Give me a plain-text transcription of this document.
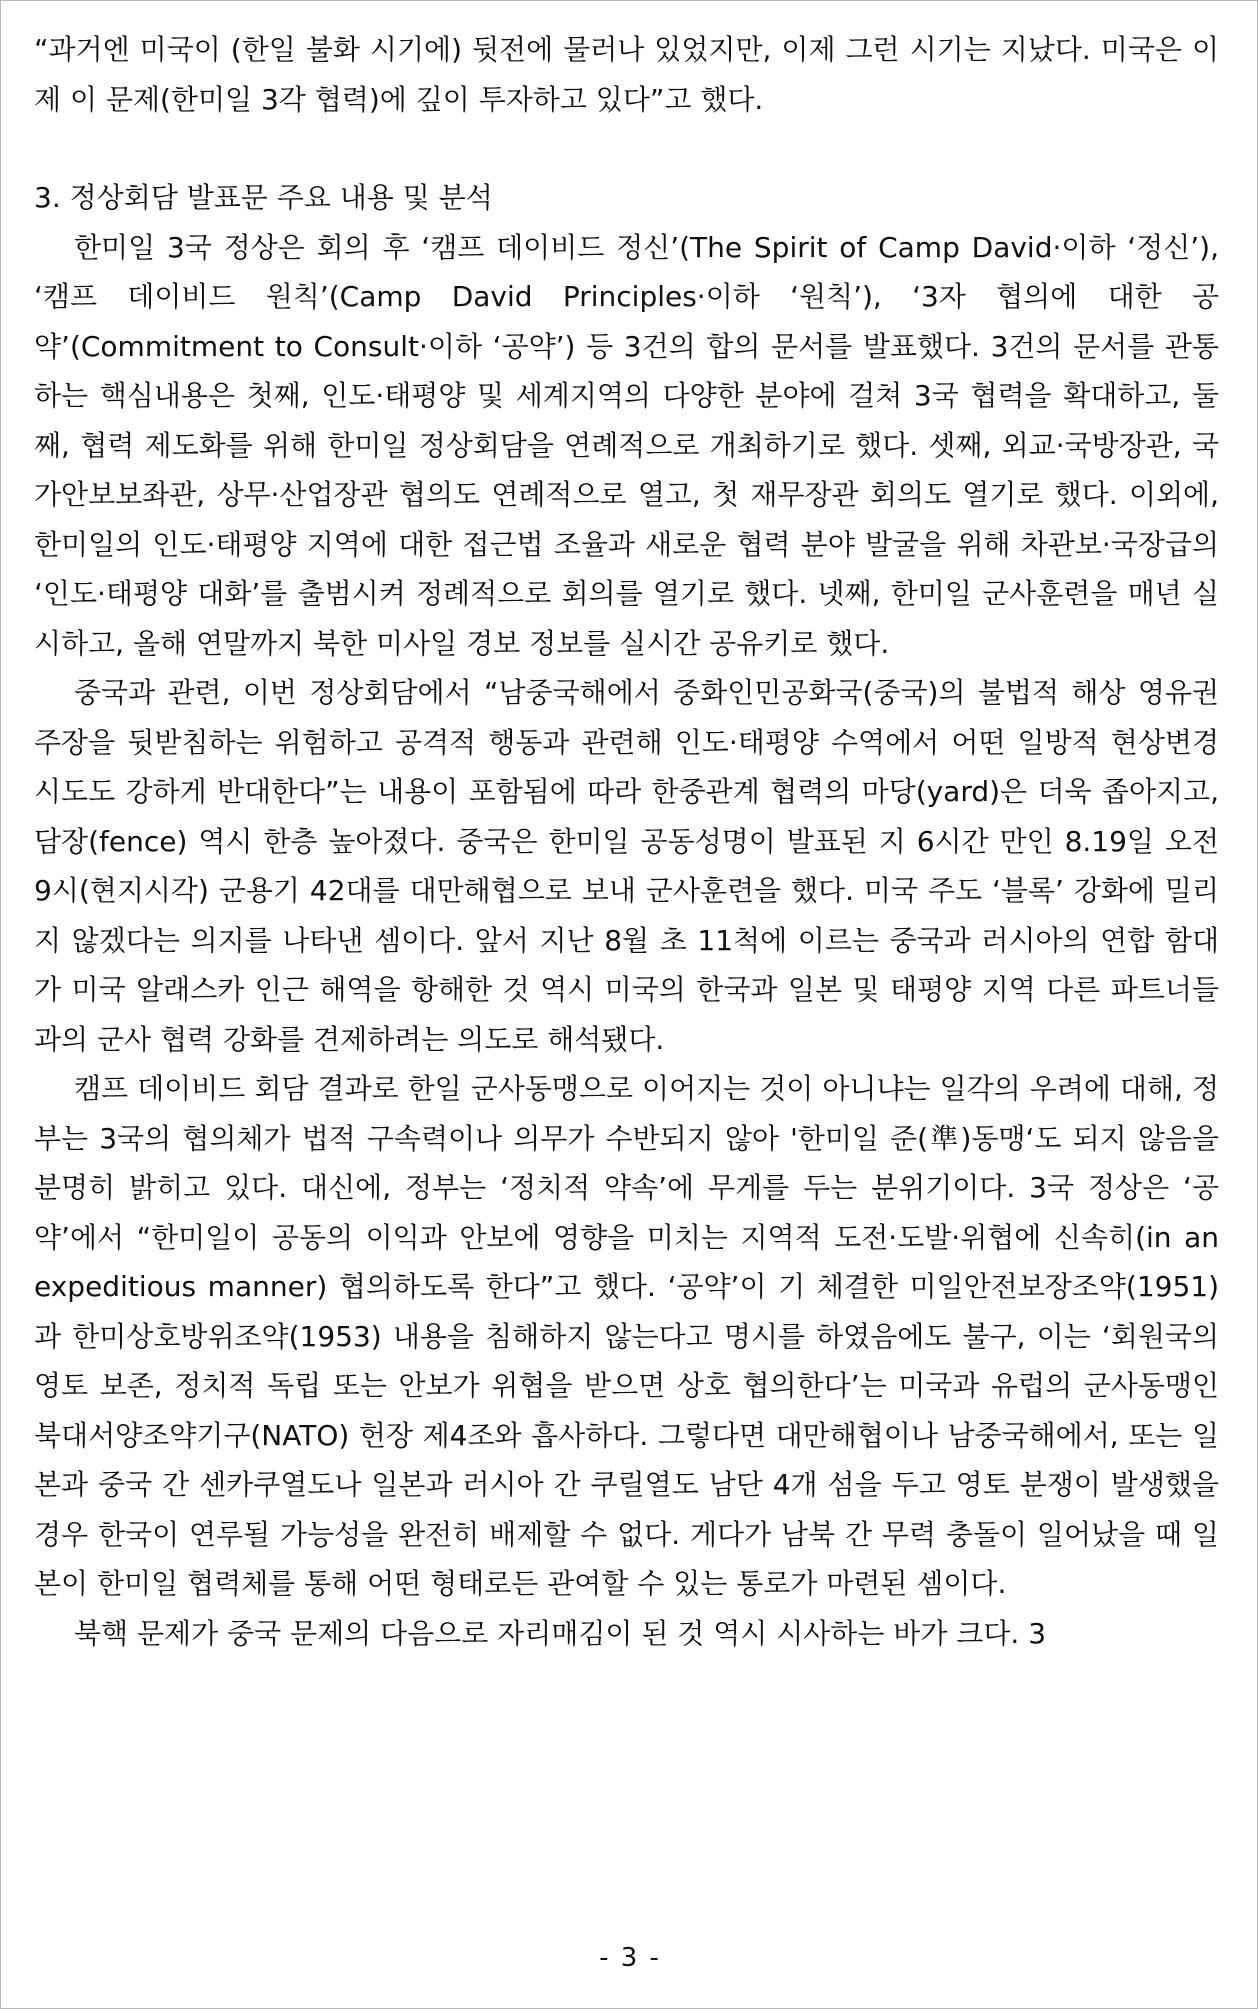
“과거엔 미국이 (한일 불화 시기에) 뒷전에 물러나 있었지만, 이제 그런 시기는 지났다. 미국은 이제 이 문제(한미일 3각 협력)에 깊이 투자하고 있다”고 했다.

3. 정상회담 발표문 주요 내용 및 분석

한미일 3국 정상은 회의 후 ‘캠프 데이비드 정신’(The Spirit of Camp David·이하 ‘정신’), ‘캠프 데이비드 원칙’(Camp David Principles·이하 ‘원칙’), ‘3자 협의에 대한 공약’(Commitment to Consult·이하 ‘공약’) 등 3건의 합의 문서를 발표했다. 3건의 문서를 관통하는 핵심내용은 첫째, 인도·태평양 및 세계지역의 다양한 분야에 걸쳐 3국 협력을 확대하고, 둘째, 협력 제도화를 위해 한미일 정상회담을 연례적으로 개최하기로 했다. 셋째, 외교·국방장관, 국가안보보좌관, 상무·산업장관 협의도 연례적으로 열고, 첫 재무장관 회의도 열기로 했다. 이외에, 한미일의 인도·태평양 지역에 대한 접근법 조율과 새로운 협력 분야 발굴을 위해 차관보·국장급의 ‘인도·태평양 대화’를 출범시켜 정례적으로 회의를 열기로 했다. 넷째, 한미일 군사훈련을 매년 실시하고, 올해 연말까지 북한 미사일 경보 정보를 실시간 공유키로 했다.

중국과 관련, 이번 정상회담에서 “남중국해에서 중화인민공화국(중국)의 불법적 해상 영유권 주장을 뒷받침하는 위험하고 공격적 행동과 관련해 인도·태평양 수역에서 어떤 일방적 현상변경 시도도 강하게 반대한다”는 내용이 포함됨에 따라 한중관계 협력의 마당(yard)은 더욱 좁아지고, 담장(fence) 역시 한층 높아졌다. 중국은 한미일 공동성명이 발표된 지 6시간 만인 8.19일 오전 9시(현지시각) 군용기 42대를 대만해협으로 보내 군사훈련을 했다. 미국 주도 ‘블록’ 강화에 밀리지 않겠다는 의지를 나타낸 셈이다. 앞서 지난 8월 초 11척에 이르는 중국과 러시아의 연합 함대가 미국 알래스카 인근 해역을 항해한 것 역시 미국의 한국과 일본 및 태평양 지역 다른 파트너들과의 군사 협력 강화를 견제하려는 의도로 해석됐다.

캠프 데이비드 회담 결과로 한일 군사동맹으로 이어지는 것이 아니냐는 일각의 우려에 대해, 정부는 3국의 협의체가 법적 구속력이나 의무가 수반되지 않아 '한미일 준(準)동맹‘도 되지 않음을 분명히 밝히고 있다. 대신에, 정부는 ‘정치적 약속’에 무게를 두는 분위기이다. 3국 정상은 ‘공약’에서 “한미일이 공동의 이익과 안보에 영향을 미치는 지역적 도전·도발·위협에 신속히(in an expeditious manner) 협의하도록 한다”고 했다. ‘공약’이 기 체결한 미일안전보장조약(1951)과 한미상호방위조약(1953) 내용을 침해하지 않는다고 명시를 하였음에도 불구, 이는 ‘회원국의 영토 보존, 정치적 독립 또는 안보가 위협을 받으면 상호 협의한다’는 미국과 유럽의 군사동맹인 북대서양조약기구(NATO) 헌장 제4조와 흡사하다. 그렇다면 대만해협이나 남중국해에서, 또는 일본과 중국 간 센카쿠열도나 일본과 러시아 간 쿠릴열도 남단 4개 섬을 두고 영토 분쟁이 발생했을 경우 한국이 연루될 가능성을 완전히 배제할 수 없다. 게다가 남북 간 무력 충돌이 일어났을 때 일본이 한미일 협력체를 통해 어떤 형태로든 관여할 수 있는 통로가 마련된 셈이다.

북핵 문제가 중국 문제의 다음으로 자리매김이 된 것 역시 시사하는 바가 크다. 3

- 3 -
